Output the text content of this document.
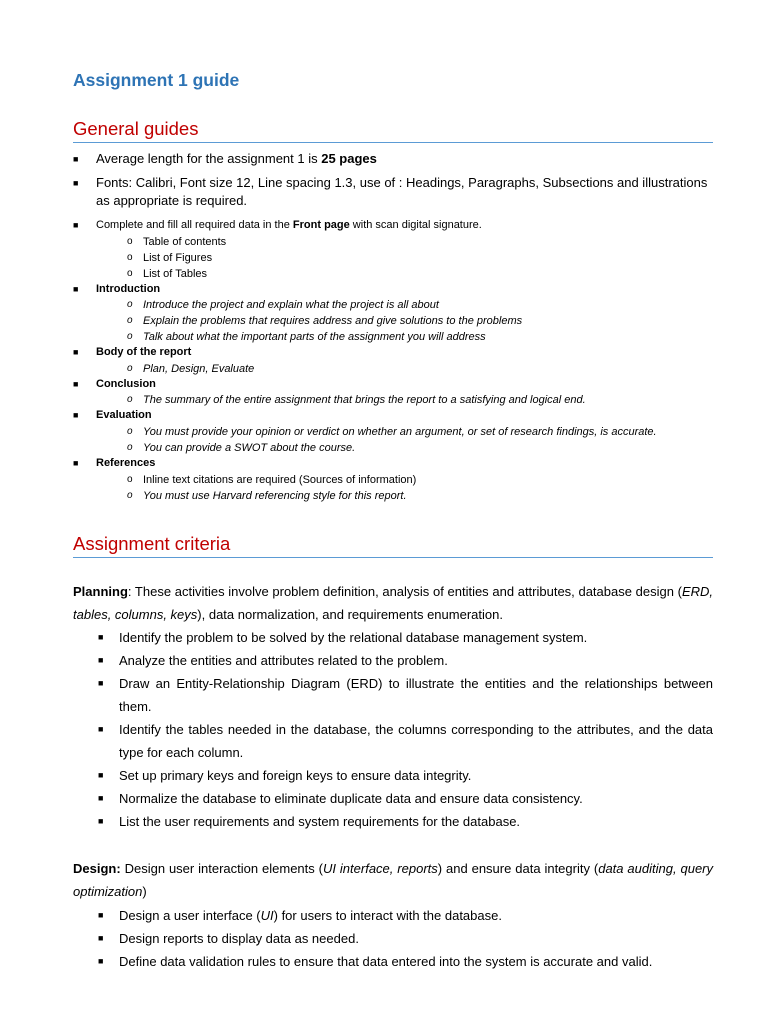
Assignment 1 guide
General guides
■ Average length for the assignment 1 is 25 pages
■ Fonts: Calibri, Font size 12, Line spacing 1.3, use of : Headings, Paragraphs, Subsections and illustrations as appropriate is required.
■ Complete and fill all required data in the Front page with scan digital signature.
o Table of contents
o List of Figures
o List of Tables
■ Introduction
o Introduce the project and explain what the project is all about
o Explain the problems that requires address and give solutions to the problems
o Talk about what the important parts of the assignment you will address
■ Body of the report
o Plan, Design, Evaluate
■ Conclusion
o The summary of the entire assignment that brings the report to a satisfying and logical end.
■ Evaluation
o You must provide your opinion or verdict on whether an argument, or set of research findings, is accurate.
o You can provide a SWOT about the course.
■ References
o Inline text citations are required (Sources of information)
o You must use Harvard referencing style for this report.
Assignment criteria

Planning: These activities involve problem definition, analysis of entities and attributes, database design (ERD, tables, columns, keys), data normalization, and requirements enumeration.

■ Identify the problem to be solved by the relational database management system.
■ Analyze the entities and attributes related to the problem.
■ Draw an Entity-Relationship Diagram (ERD) to illustrate the entities and the relationships between them.
■ Identify the tables needed in the database, the columns corresponding to the attributes, and the data type for each column.
■ Set up primary keys and foreign keys to ensure data integrity.
■ Normalize the database to eliminate duplicate data and ensure data consistency.
■ List the user requirements and system requirements for the database.

Design: Design user interaction elements (UI interface, reports) and ensure data integrity (data auditing, query optimization)

■ Design a user interface (UI) for users to interact with the database.
■ Design reports to display data as needed.
■ Define data validation rules to ensure that data entered into the system is accurate and valid.
